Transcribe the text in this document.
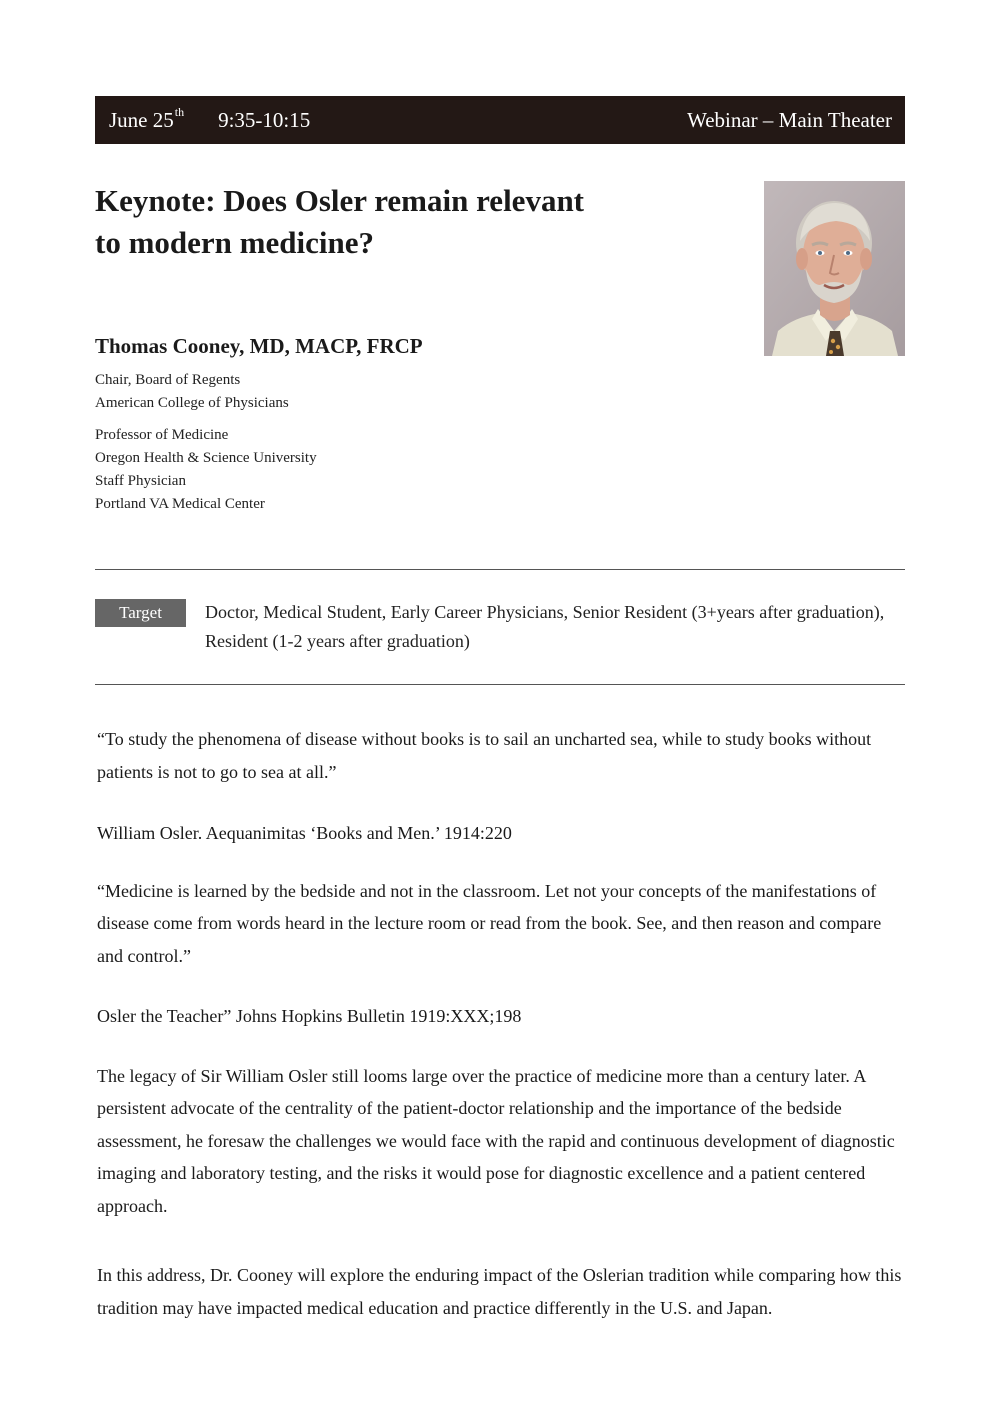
June 25th 9:35-10:15	Webinar – Main Theater
Keynote: Does Osler remain relevant
to modern medicine?
Thomas Cooney, MD, MACP, FRCP
Chair, Board of Regents
American College of Physicians
Professor of Medicine
Oregon Health & Science University
Staff Physician
Portland VA Medical Center
Target	Doctor, Medical Student, Early Career Physicians, Senior Resident (3+years after graduation), Resident (1-2 years after graduation)

“To study the phenomena of disease without books is to sail an uncharted sea, while to study books without patients is not to go to sea at all.”

William Osler. Aequanimitas ‘Books and Men.’ 1914:220

“Medicine is learned by the bedside and not in the classroom. Let not your concepts of the manifestations of disease come from words heard in the lecture room or read from the book. See, and then reason and compare and control.”

Osler the Teacher” Johns Hopkins Bulletin 1919:XXX;198

The legacy of Sir William Osler still looms large over the practice of medicine more than a century later. A persistent advocate of the centrality of the patient-doctor relationship and the importance of the bedside assessment, he foresaw the challenges we would face with the rapid and continuous development of diagnostic imaging and laboratory testing, and the risks it would pose for diagnostic excellence and a patient centered approach.

In this address, Dr. Cooney will explore the enduring impact of the Oslerian tradition while comparing how this tradition may have impacted medical education and practice differently in the U.S. and Japan.
